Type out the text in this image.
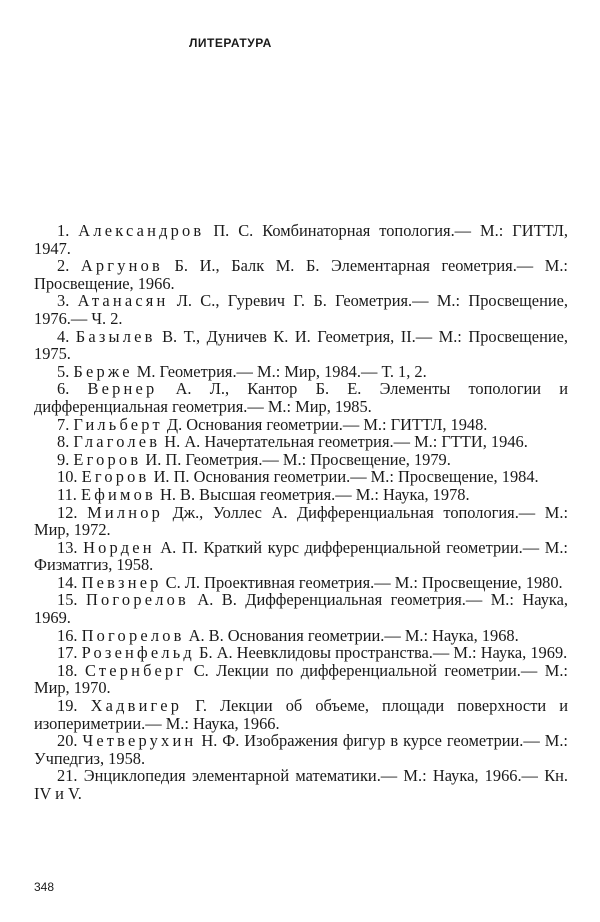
ЛИТЕРАТУРА
1. Александров П. С. Комбинаторная топология.— М.: ГИТТЛ, 1947.
2. Аргунов Б. И., Балк М. Б. Элементарная геометрия.— М.: Просвещение, 1966.
3. Атанасян Л. С., Гуревич Г. Б. Геометрия.— М.: Просвещение, 1976.— Ч. 2.
4. Базылев В. Т., Дуничев К. И. Геометрия, II.— М.: Просвещение, 1975.
5. Берже М. Геометрия.— М.: Мир, 1984.— Т. 1, 2.
6. Вернер А. Л., Кантор Б. Е. Элементы топологии и дифференциальная геометрия.— М.: Мир, 1985.
7. Гильберт Д. Основания геометрии.— М.: ГИТТЛ, 1948.
8. Глаголев Н. А. Начертательная геометрия.— М.: ГТТИ, 1946.
9. Егоров И. П. Геометрия.— М.: Просвещение, 1979.
10. Егоров И. П. Основания геометрии.— М.: Просвещение, 1984.
11. Ефимов Н. В. Высшая геометрия.— М.: Наука, 1978.
12. Милнор Дж., Уоллес А. Дифференциальная топология.— М.: Мир, 1972.
13. Норден А. П. Краткий курс дифференциальной геометрии.— М.: Физматгиз, 1958.
14. Певзнер С. Л. Проективная геометрия.— М.: Просвещение, 1980.
15. Погорелов А. В. Дифференциальная геометрия.— М.: Наука, 1969.
16. Погорелов А. В. Основания геометрии.— М.: Наука, 1968.
17. Розенфельд Б. А. Неевклидовы пространства.— М.: Наука, 1969.
18. Стернберг С. Лекции по дифференциальной геометрии.— М.: Мир, 1970.
19. Хадвигер Г. Лекции об объеме, площади поверхности и изопериметрии.— М.: Наука, 1966.
20. Четверухин Н. Ф. Изображения фигур в курсе геометрии.— М.: Учпедгиз, 1958.
21. Энциклопедия элементарной математики.— М.: Наука, 1966.— Кн. IV и V.
348
